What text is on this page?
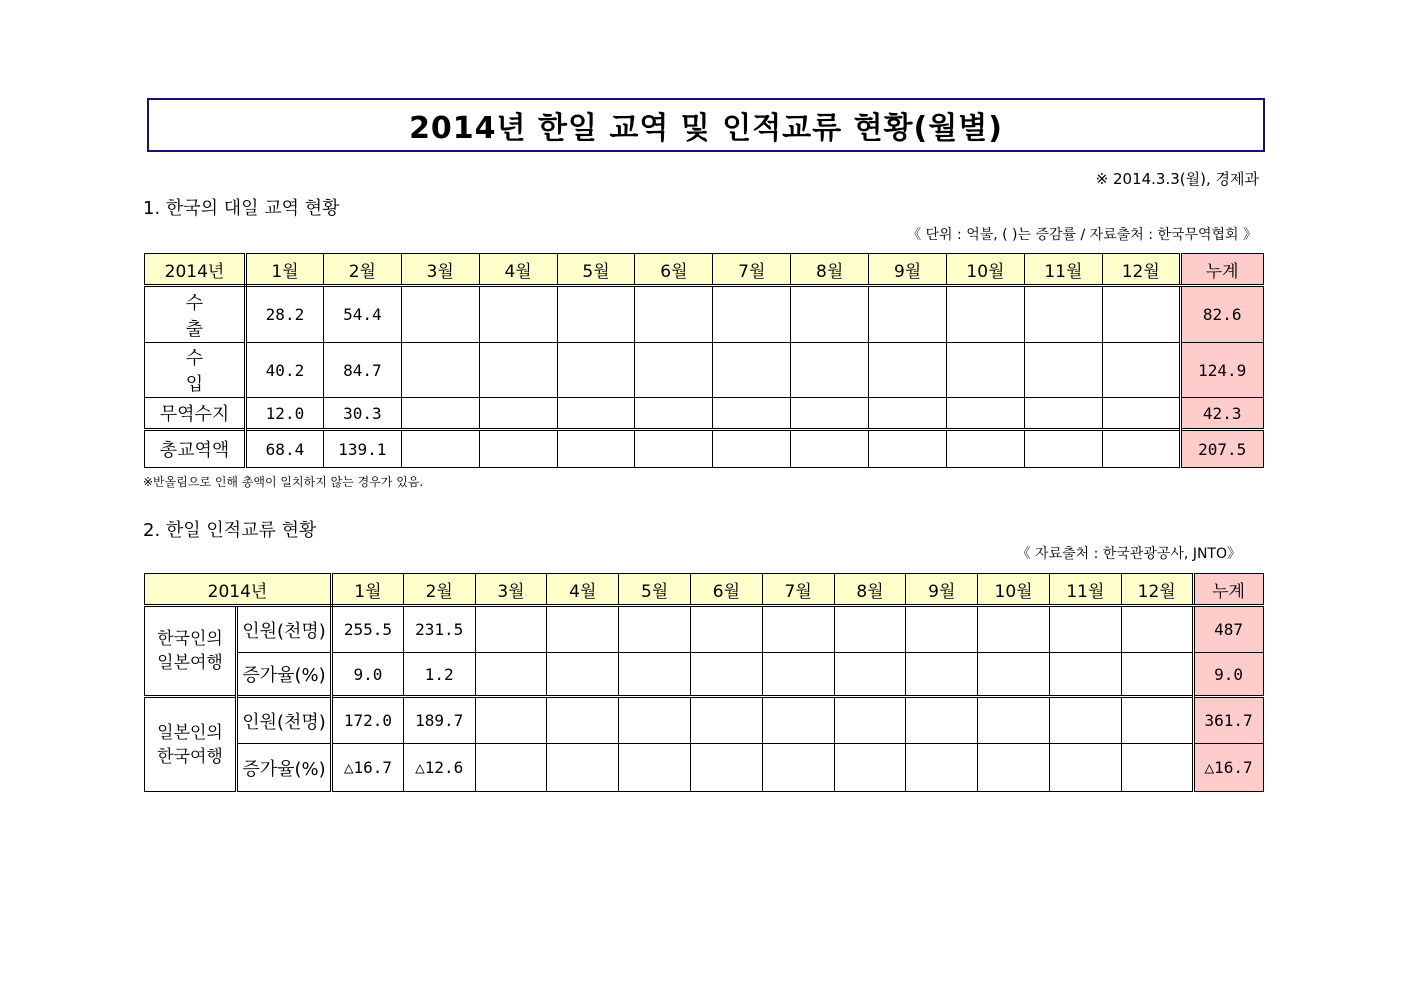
2014년 한일 교역 및 인적교류 현황(월별)
※ 2014.3.3(월), 경제과
1. 한국의 대일 교역 현황
《 단위 : 억불, ( )는 증감률 / 자료출처 : 한국무역협회 》
2014년	1월	2월	3월	4월	5월	6월	7월	8월	9월	10월	11월	12월	누계
수 출	28.2	54.4											82.6
수 입	40.2	84.7											124.9
무역수지	12.0	30.3											42.3
총교역액	68.4	139.1											207.5
※반올림으로 인해 총액이 일치하지 않는 경우가 있음.
2. 한일 인적교류 현황
《 자료출처 : 한국관광공사, JNTO》
2014년		1월	2월	3월	4월	5월	6월	7월	8월	9월	10월	11월	12월	누계

한국인의
일본여행	인원(천명)	255.5	231.5											487
	증가율(%)	9.0	1.2											9.0

일본인의
한국여행	인원(천명)	172.0	189.7											361.7
	증가율(%)	△16.7	△12.6											△16.7
